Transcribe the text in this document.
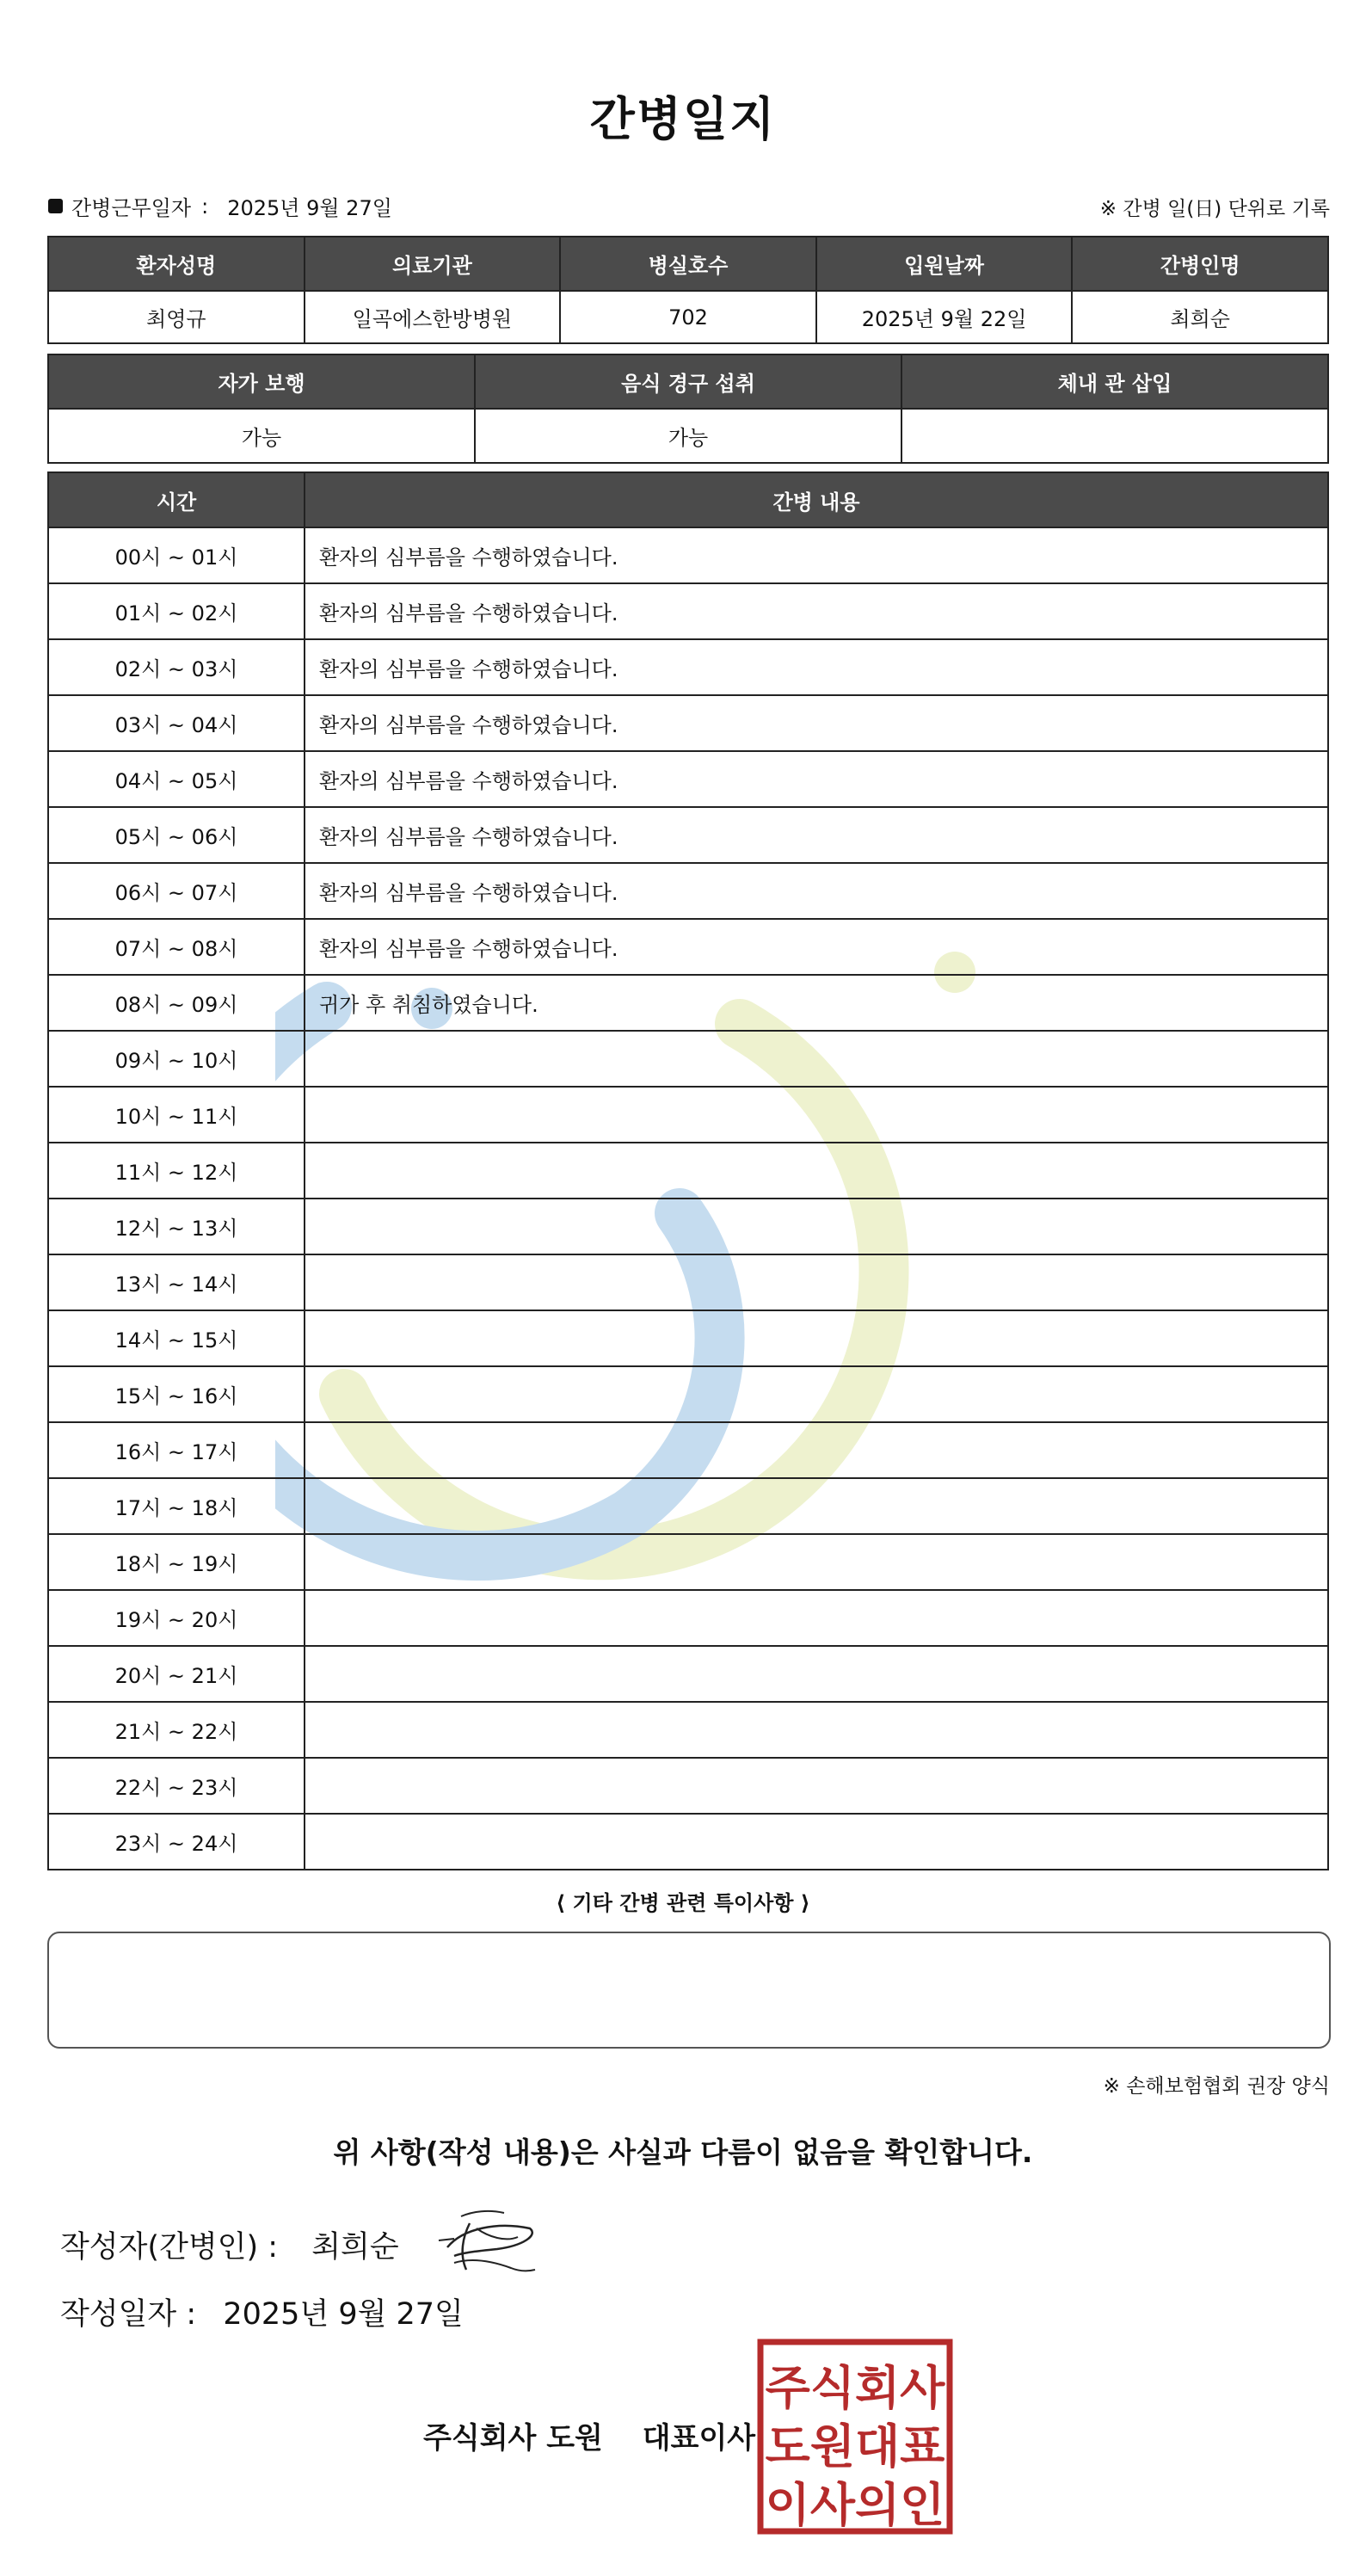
간병일지
간병근무일자 : 2025년 9월 27일	※ 간병 일(日) 단위로 기록
환자성명	의료기관	병실호수	입원날짜	간병인명
최영규	일곡에스한방병원	702	2025년 9월 22일	최희순
자가 보행	음식 경구 섭취	체내 관 삽입
가능	가능	
시간	간병 내용
00시 ~ 01시	환자의 심부름을 수행하였습니다.
01시 ~ 02시	환자의 심부름을 수행하였습니다.
02시 ~ 03시	환자의 심부름을 수행하였습니다.
03시 ~ 04시	환자의 심부름을 수행하였습니다.
04시 ~ 05시	환자의 심부름을 수행하였습니다.
05시 ~ 06시	환자의 심부름을 수행하였습니다.
06시 ~ 07시	환자의 심부름을 수행하였습니다.
07시 ~ 08시	환자의 심부름을 수행하였습니다.
08시 ~ 09시	귀가 후 취침하였습니다.
09시 ~ 10시	
10시 ~ 11시	
11시 ~ 12시	
12시 ~ 13시	
13시 ~ 14시	
14시 ~ 15시	
15시 ~ 16시	
16시 ~ 17시	
17시 ~ 18시	
18시 ~ 19시	
19시 ~ 20시	
20시 ~ 21시	
21시 ~ 22시	
22시 ~ 23시	
23시 ~ 24시	
⟨ 기타 간병 관련 특이사항 ⟩
※ 손해보험협회 권장 양식
위 사항(작성 내용)은 사실과 다름이 없음을 확인합니다.
작성자(간병인) : 최희순
작성일자 : 2025년 9월 27일
주식회사 도원 대표이사
주식회사
도원대표
이사의인
